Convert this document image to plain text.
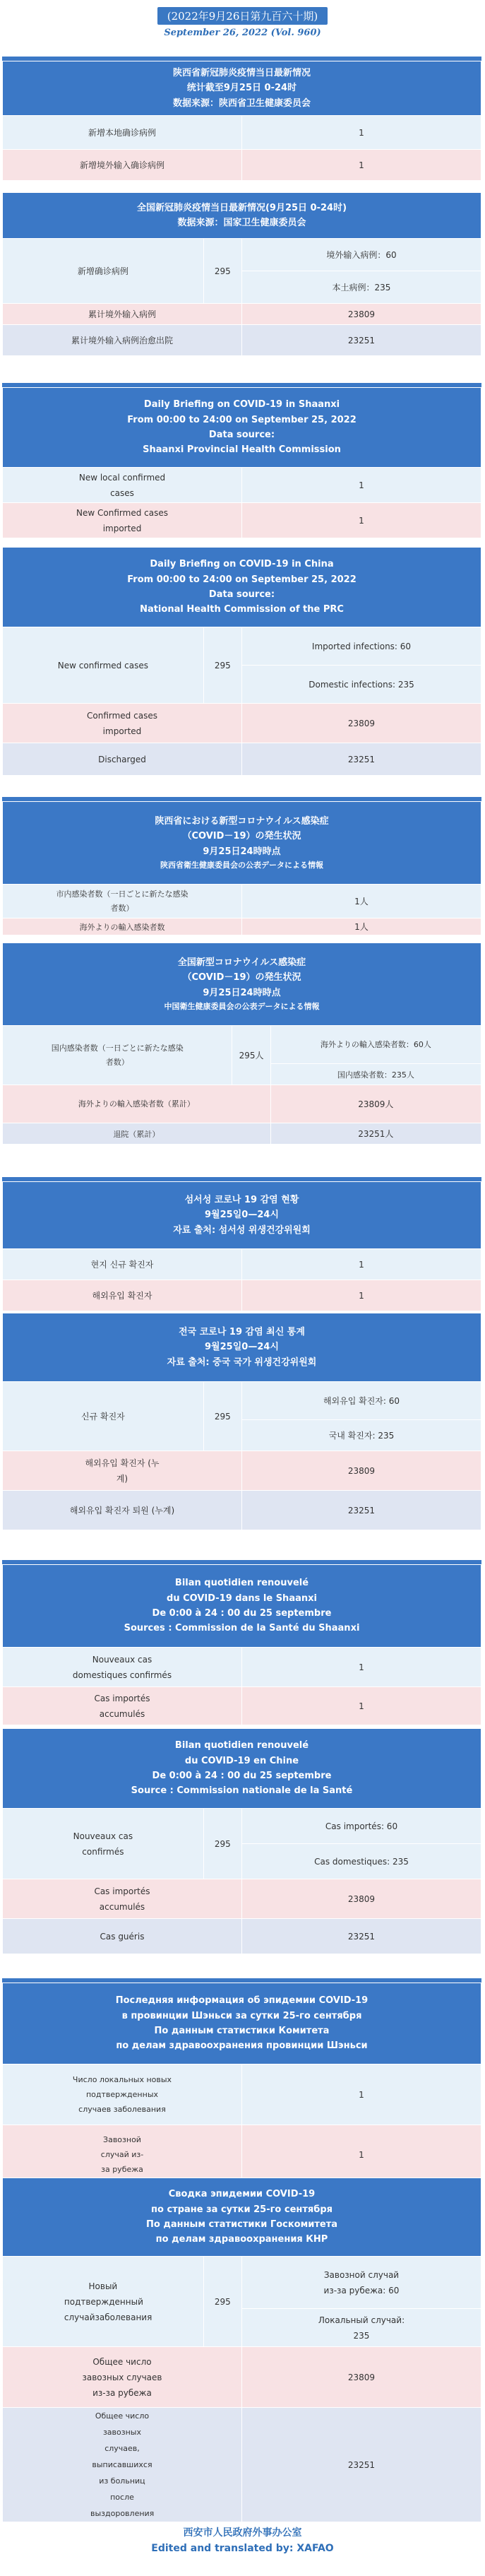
(2022年9月26日第九百六十期)
September 26, 2022 (Vol. 960)
陕西省新冠肺炎疫情当日最新情况
统计截至9月25日 0-24时
数据来源：陕西省卫生健康委员会	

新增本地确诊病例	1
新增境外输入确诊病例	1
全国新冠肺炎疫情当日最新情况(9月25日 0-24时)
数据来源：国家卫生健康委员会		

新增确诊病例	295	境外输入病例：60
		本土病例：235
累计境外输入病例		23809
累计境外输入病例治愈出院		23251
Daily Briefing on COVID-19 in Shaanxi
From 00:00 to 24:00 on September 25, 2022
Data source:
Shaanxi Provincial Health Commission	

New local confirmed cases	1

New Confirmed cases imported	1
Daily Briefing on COVID-19 in China
From 00:00 to 24:00 on September 25, 2022
Data source:
National Health Commission of the PRC		

New confirmed cases	295	Imported infections: 60
		Domestic infections: 235

Confirmed cases imported		23809
Discharged		23251
陕西省における新型コロナウイルス感染症
（COVID－19）の発生状況
9月25日24時時点
陕西省衛生健康委員会の公表データによる情報	

市内感染者数（一日ごとに新たな感染者数）	1人
海外よりの輸入感染者数	1人
全国新型コロナウイルス感染症
（COVID－19）の発生状況
9月25日24時時点
中国衛生健康委員会の公表データによる情報		

国内感染者数（一日ごとに新たな感染者数）	295人	海外よりの輸入感染者数：60人

		国内感染者数：235人

海外よりの輸入感染者数（累計）		23809人
退院（累計）		23251人
섬서성 코로나 19 감염 현황
9월25일0—24시
자료 출처: 섬서성 위생건강위원회	

현지 신규 확진자	1
해외유입 확진자	1
전국 코로나 19 감염 최신 통계
9월25일0—24시
자료 출처: 중국 국가 위생건강위원회		

신규 확진자	295	해외유입 확진자: 60
		국내 확진자: 235

해외유입 확진자 (누계)		23809

해외유입 확진자 퇴원 (누계)		23251
Bilan quotidien renouvelé
du COVID-19 dans le Shaanxi
De 0:00 à 24 : 00 du 25 septembre
Sources : Commission de la Santé du Shaanxi	

Nouveaux cas domestiques confirmés	1

Cas importés accumulés	1
Bilan quotidien renouvelé
du COVID-19 en Chine
De 0:00 à 24 : 00 du 25 septembre
Source : Commission nationale de la Santé		

Nouveaux cas confirmés	295	Cas importés: 60
		Cas domestiques: 235

Cas importés accumulés		23809
Cas guéris		23251
Последняя информация об эпидемии COVID-19
в провинции Шэньси за сутки 25-го сентября
По данным статистики Комитета
по делам здравоохранения провинции Шэньси	

Число локальных новых подтвержденных случаев заболевания	1

Завозной случай из-за рубежа	1
Сводка эпидемии COVID-19
по стране за сутки 25-го сентября
По данным статистики Госкомитета
по делам здравоохранения КНР		

Новый подтвержденный случайзаболевания	295	Завозной случай из-за рубежа: 60

		Локальный случай: 235

Общее число завозных случаев из-за рубежа		23809

Общее число завозных случаев, выписавшихся из больниц после выздоровления		23251
西安市人民政府外事办公室
Edited and translated by: XAFAO
